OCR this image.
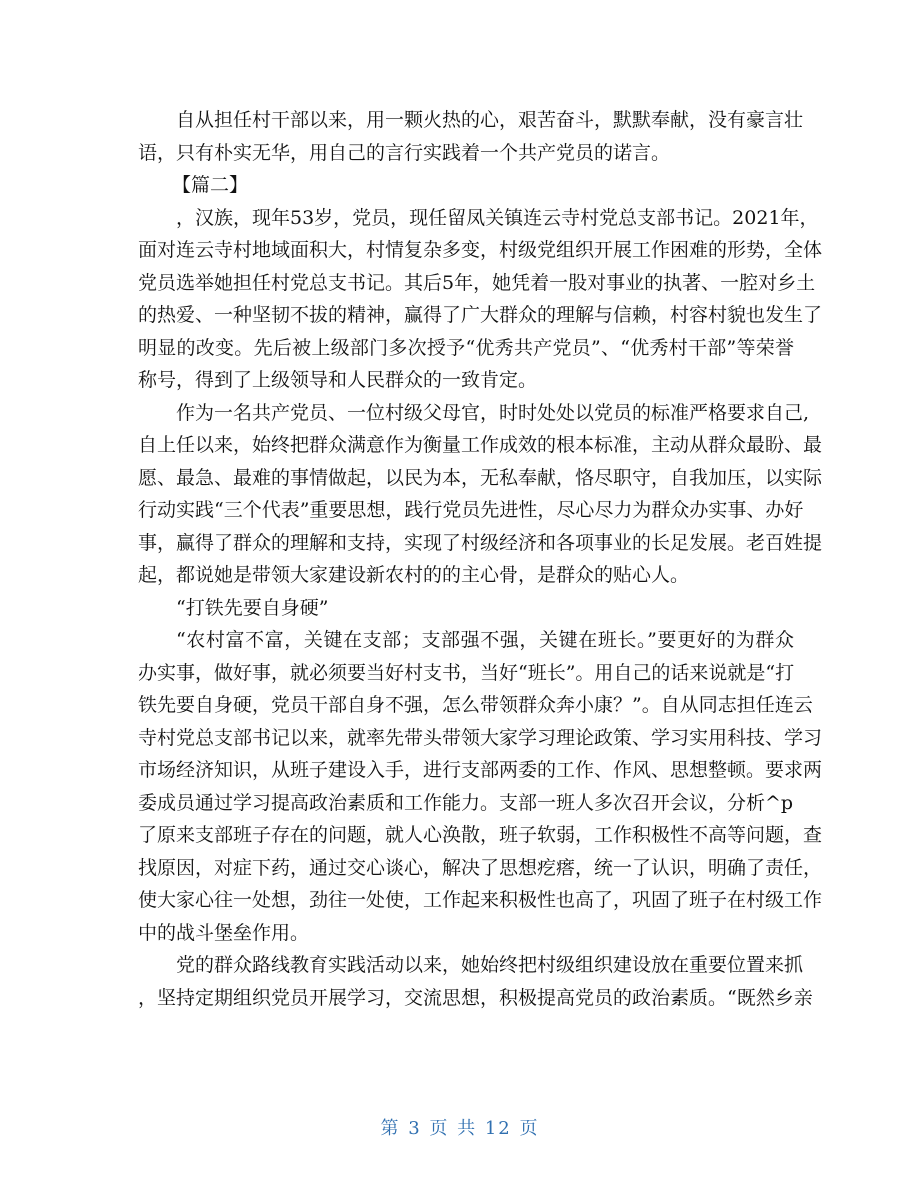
自从担任村干部以来，用一颗火热的心，艰苦奋斗，默默奉献，没有豪言壮
语，只有朴实无华，用自己的言行实践着一个共产党员的诺言。
【篇二】
，汉族，现年53岁，党员，现任留凤关镇连云寺村党总支部书记。2021年，
面对连云寺村地域面积大，村情复杂多变，村级党组织开展工作困难的形势，全体
党员选举她担任村党总支书记。其后5年，她凭着一股对事业的执著、一腔对乡土
的热爱、一种坚韧不拔的精神，赢得了广大群众的理解与信赖，村容村貌也发生了
明显的改变。先后被上级部门多次授予“优秀共产党员”、“优秀村干部”等荣誉
称号，得到了上级领导和人民群众的一致肯定。
作为一名共产党员、一位村级父母官，时时处处以党员的标准严格要求自己,
自上任以来，始终把群众满意作为衡量工作成效的根本标准，主动从群众最盼、最
愿、最急、最难的事情做起，以民为本，无私奉献，恪尽职守，自我加压，以实际
行动实践“三个代表”重要思想，践行党员先进性，尽心尽力为群众办实事、办好
事，赢得了群众的理解和支持，实现了村级经济和各项事业的长足发展。老百姓提
起，都说她是带领大家建设新农村的的主心骨，是群众的贴心人。
“打铁先要自身硬”
“农村富不富，关键在支部；支部强不强，关键在班长。”要更好的为群众
办实事，做好事，就必须要当好村支书，当好“班长”。用自己的话来说就是“打
铁先要自身硬，党员干部自身不强，怎么带领群众奔小康？”。自从同志担任连云
寺村党总支部书记以来，就率先带头带领大家学习理论政策、学习实用科技、学习
市场经济知识，从班子建设入手，进行支部两委的工作、作风、思想整顿。要求两
委成员通过学习提高政治素质和工作能力。支部一班人多次召开会议，分析^p
了原来支部班子存在的问题，就人心涣散，班子软弱，工作积极性不高等问题，查
找原因，对症下药，通过交心谈心，解决了思想疙瘩，统一了认识，明确了责任，
使大家心往一处想，劲往一处使，工作起来积极性也高了，巩固了班子在村级工作
中的战斗堡垒作用。
党的群众路线教育实践活动以来，她始终把村级组织建设放在重要位置来抓
，坚持定期组织党员开展学习，交流思想，积极提高党员的政治素质。“既然乡亲
第 3 页 共 12 页
